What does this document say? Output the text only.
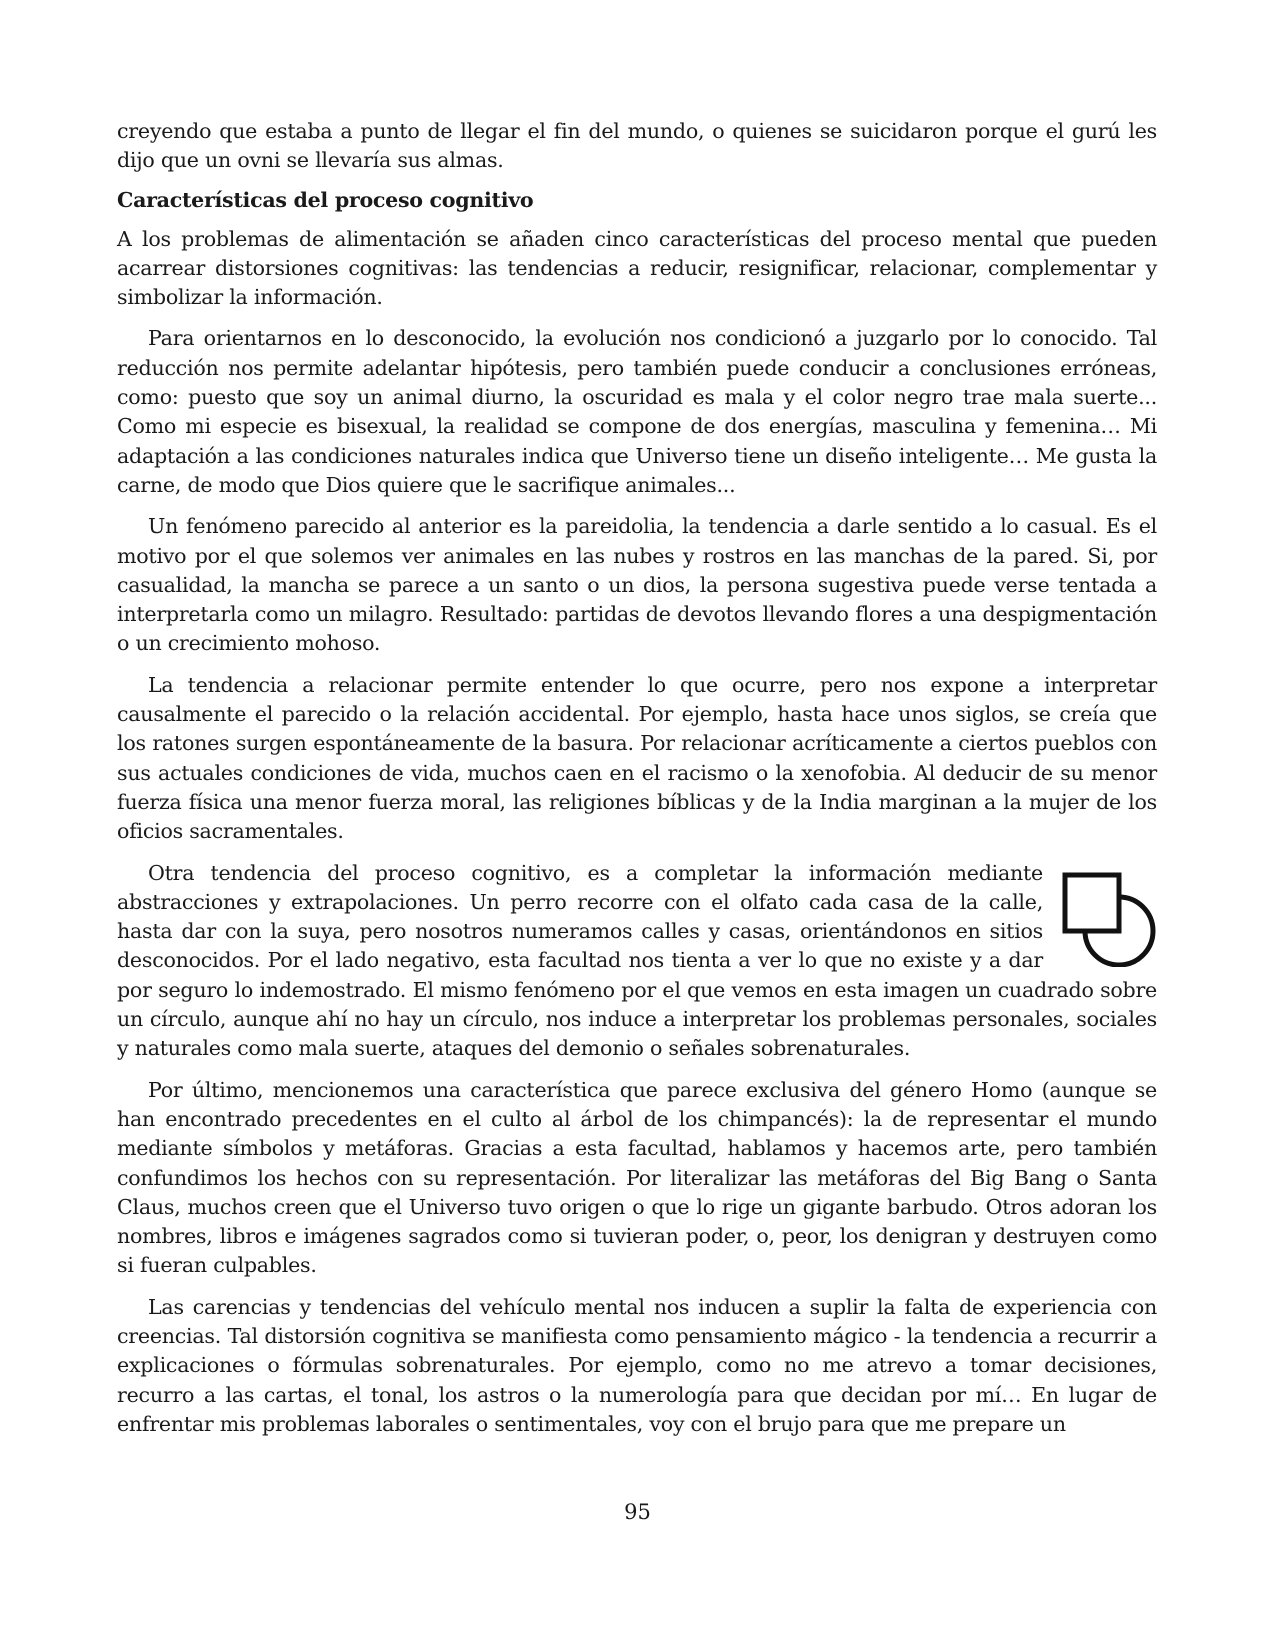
creyendo que estaba a punto de llegar el fin del mundo, o quienes se suicidaron porque el gurú les dijo que un ovni se llevaría sus almas.

Características del proceso cognitivo

A los problemas de alimentación se añaden cinco características del proceso mental que pueden acarrear distorsiones cognitivas: las tendencias a reducir, resignificar, relacionar, complementar y simbolizar la información.

Para orientarnos en lo desconocido, la evolución nos condicionó a juzgarlo por lo conocido. Tal reducción nos permite adelantar hipótesis, pero también puede conducir a conclusiones erróneas, como: puesto que soy un animal diurno, la oscuridad es mala y el color negro trae mala suerte... Como mi especie es bisexual, la realidad se compone de dos energías, masculina y femenina… Mi adaptación a las condiciones naturales indica que Universo tiene un diseño inteligente… Me gusta la carne, de modo que Dios quiere que le sacrifique animales...

Un fenómeno parecido al anterior es la pareidolia, la tendencia a darle sentido a lo casual. Es el motivo por el que solemos ver animales en las nubes y rostros en las manchas de la pared. Si, por casualidad, la mancha se parece a un santo o un dios, la persona sugestiva puede verse tentada a interpretarla como un milagro. Resultado: partidas de devotos llevando flores a una despigmentación o un crecimiento mohoso.

La tendencia a relacionar permite entender lo que ocurre, pero nos expone a interpretar causalmente el parecido o la relación accidental. Por ejemplo, hasta hace unos siglos, se creía que los ratones surgen espontáneamente de la basura. Por relacionar acríticamente a ciertos pueblos con sus actuales condiciones de vida, muchos caen en el racismo o la xenofobia. Al deducir de su menor fuerza física una menor fuerza moral, las religiones bíblicas y de la India marginan a la mujer de los oficios sacramentales.

Otra tendencia del proceso cognitivo, es a completar la información mediante abstracciones y extrapolaciones. Un perro recorre con el olfato cada casa de la calle, hasta dar con la suya, pero nosotros numeramos calles y casas, orientándonos en sitios desconocidos. Por el lado negativo, esta facultad nos tienta a ver lo que no existe y a dar por seguro lo indemostrado. El mismo fenómeno por el que vemos en esta imagen un cuadrado sobre un círculo, aunque ahí no hay un círculo, nos induce a interpretar los problemas personales, sociales y naturales como mala suerte, ataques del demonio o señales sobrenaturales.

Por último, mencionemos una característica que parece exclusiva del género Homo (aunque se han encontrado precedentes en el culto al árbol de los chimpancés): la de representar el mundo mediante símbolos y metáforas. Gracias a esta facultad, hablamos y hacemos arte, pero también confundimos los hechos con su representación. Por literalizar las metáforas del Big Bang o Santa Claus, muchos creen que el Universo tuvo origen o que lo rige un gigante barbudo. Otros adoran los nombres, libros e imágenes sagrados como si tuvieran poder, o, peor, los denigran y destruyen como si fueran culpables.

Las carencias y tendencias del vehículo mental nos inducen a suplir la falta de experiencia con creencias. Tal distorsión cognitiva se manifiesta como pensamiento mágico - la tendencia a recurrir a explicaciones o fórmulas sobrenaturales. Por ejemplo, como no me atrevo a tomar decisiones, recurro a las cartas, el tonal, los astros o la numerología para que decidan por mí… En lugar de enfrentar mis problemas laborales o sentimentales, voy con el brujo para que me prepare un

95
